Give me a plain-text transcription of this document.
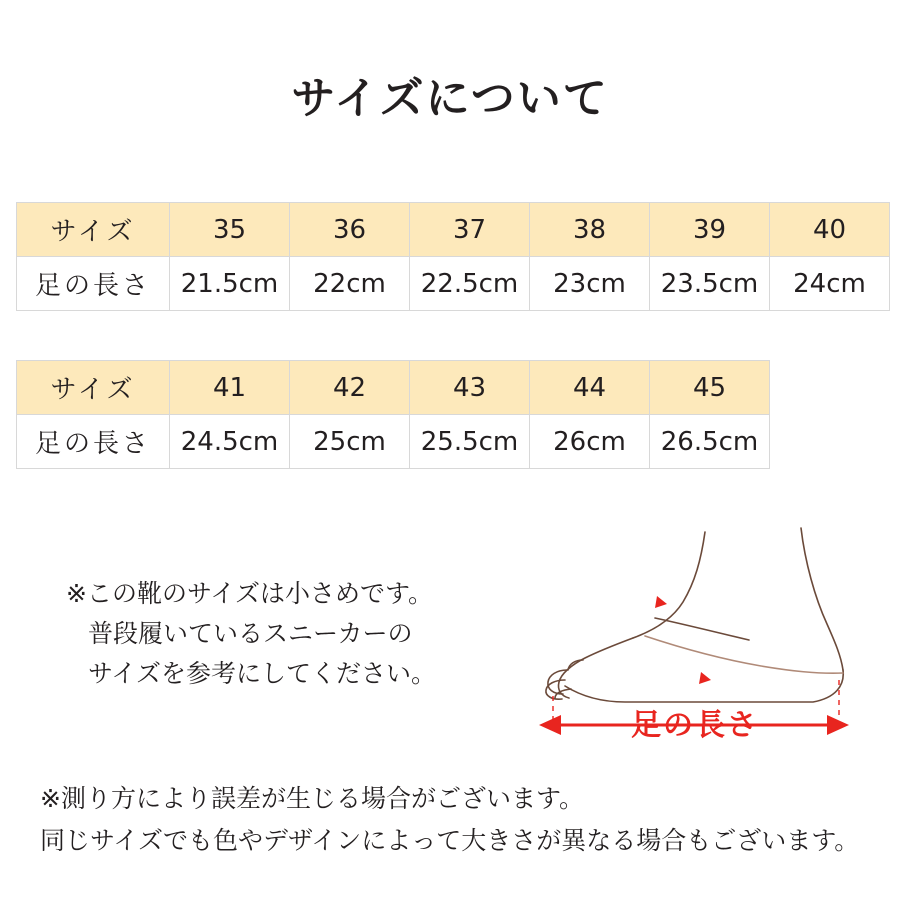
サイズについて
サイズ	35	36	37	38	39	40
足の長さ	21.5cm	22cm	22.5cm	23cm	23.5cm	24cm
サイズ	41	42	43	44	45
足の長さ	24.5cm	25cm	25.5cm	26cm	26.5cm
※この靴のサイズは小さめです。
普段履いているスニーカーの
サイズを参考にしてください。
足の長さ
※測り方により誤差が生じる場合がございます。
同じサイズでも色やデザインによって大きさが異なる場合もございます。
